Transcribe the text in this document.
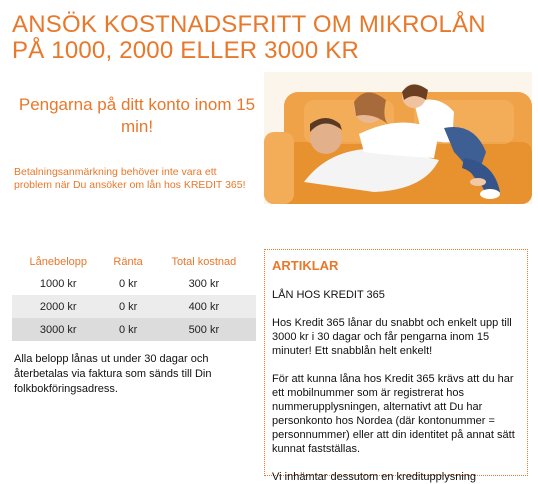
ANSÖK KOSTNADSFRITT OM MIKROLÅN
PÅ 1000, 2000 ELLER 3000 KR
Pengarna på ditt konto inom 15 min!
Betalningsanmärkning behöver inte vara ett problem när Du ansöker om lån hos KREDIT 365!
Lånebelopp	Ränta	Total kostnad
1000 kr	0 kr	300 kr
2000 kr	0 kr	400 kr
3000 kr	0 kr	500 kr
Alla belopp lånas ut under 30 dagar och återbetalas via faktura som sänds till Din folkbokföringsadress.
ARTIKLAR
LÅN HOS KREDIT 365

Hos Kredit 365 lånar du snabbt och enkelt upp till 3000 kr i 30 dagar och får pengarna inom 15 minuter! Ett snabblån helt enkelt!

För att kunna låna hos Kredit 365 krävs att du har ett mobilnummer som är registrerat hos nummerupplysningen, alternativt att Du har personkonto hos Nordea (där kontonummer = personnummer) eller att din identitet på annat sätt kunnat fastställas.

Vi inhämtar dessutom en kreditupplysning
